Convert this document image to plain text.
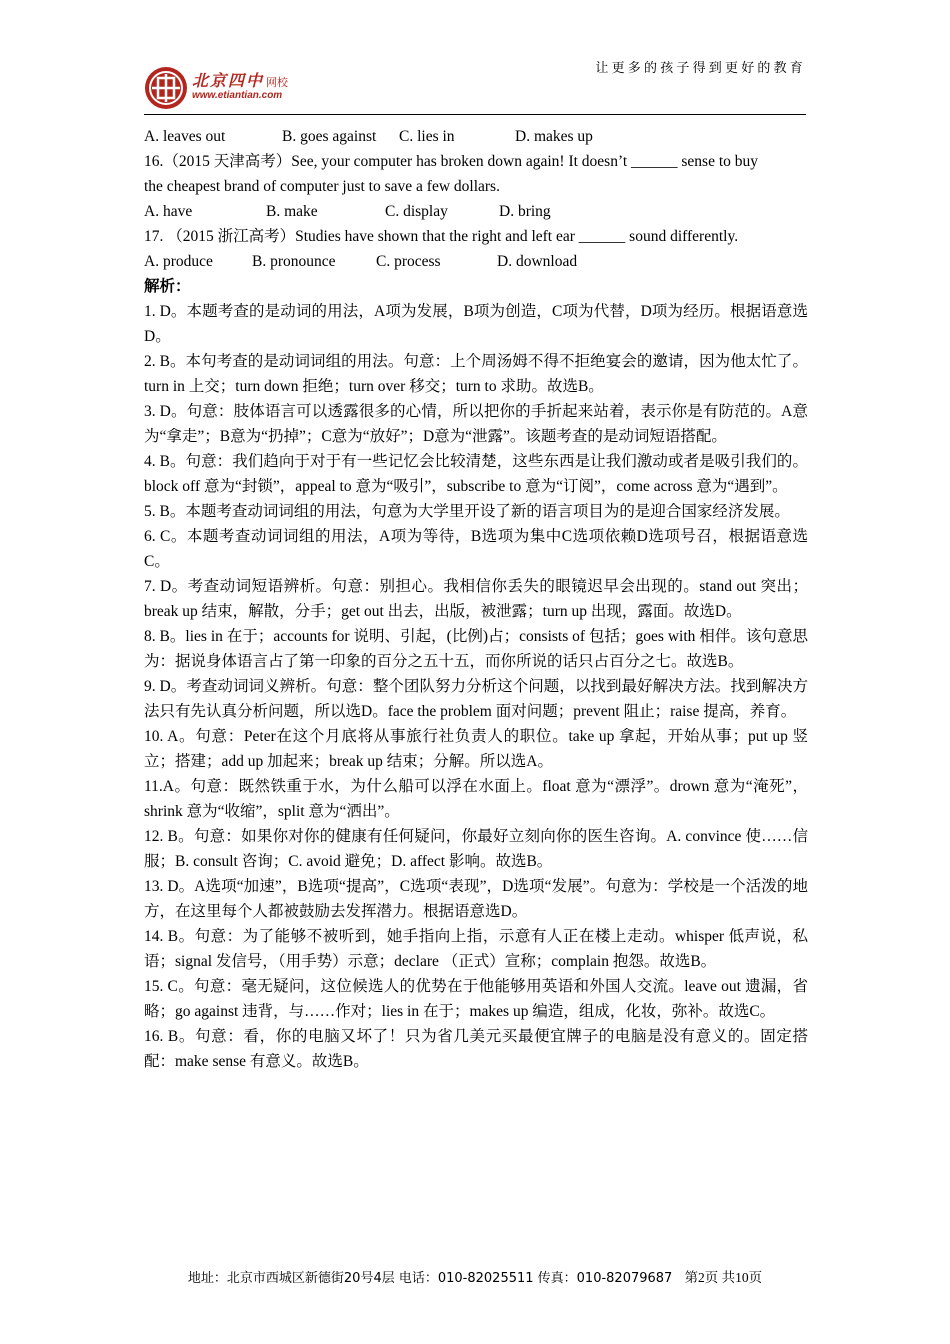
北京四中 网校
www.etiantian.com
让更多的孩子得到更好的教育
A. leaves out	B. goes against C. lies in	D. makes up
16.（2015 天津高考）See, your computer has broken down again! It doesn’t ______ sense to buy
the cheapest brand of computer just to save a few dollars.
A. have	B. make	C. display	D. bring
17. （2015 浙江高考）Studies have shown that the right and left ear ______ sound differently.
A. produce	B. pronounce	C. process	D. download
解析：
1. D。本题考查的是动词的用法，A项为发展，B项为创造，C项为代替，D项为经历。根据语意选D。
2. B。本句考查的是动词词组的用法。句意：上个周汤姆不得不拒绝宴会的邀请，因为他太忙了。turn in 上交；turn down 拒绝；turn over 移交；turn to 求助。故选B。
3. D。句意：肢体语言可以透露很多的心情，所以把你的手折起来站着，表示你是有防范的。A意为“拿走”；B意为“扔掉”；C意为“放好”；D意为“泄露”。该题考查的是动词短语搭配。
4. B。句意：我们趋向于对于有一些记忆会比较清楚，这些东西是让我们激动或者是吸引我们的。block off 意为“封锁”，appeal to 意为“吸引”，subscribe to 意为“订阅”，come across 意为“遇到”。
5. B。本题考查动词词组的用法，句意为大学里开设了新的语言项目为的是迎合国家经济发展。
6. C。本题考查动词词组的用法，A项为等待，B选项为集中C选项依赖D选项号召，根据语意选C。
7. D。考查动词短语辨析。句意：别担心。我相信你丢失的眼镜迟早会出现的。stand out 突出；break up 结束，解散，分手；get out 出去，出版，被泄露；turn up 出现，露面。故选D。
8. B。lies in 在于；accounts for 说明、引起，(比例)占；consists of 包括；goes with 相伴。该句意思为：据说身体语言占了第一印象的百分之五十五，而你所说的话只占百分之七。故选B。
9. D。考查动词词义辨析。句意：整个团队努力分析这个问题，以找到最好解决方法。找到解决方法只有先认真分析问题，所以选D。face the problem 面对问题；prevent 阻止；raise 提高，养育。
10. A。句意：Peter在这个月底将从事旅行社负责人的职位。take up 拿起，开始从事；put up 竖立；搭建；add up 加起来；break up 结束；分解。所以选A。
11.A。句意：既然铁重于水，为什么船可以浮在水面上。float 意为“漂浮”。drown 意为“淹死”，shrink 意为“收缩”，split 意为“洒出”。
12. B。句意：如果你对你的健康有任何疑问，你最好立刻向你的医生咨询。A. convince 使……信服；B. consult 咨询；C. avoid 避免；D. affect 影响。故选B。
13. D。A选项“加速”，B选项“提高”，C选项“表现”，D选项“发展”。句意为：学校是一个活泼的地方，在这里每个人都被鼓励去发挥潜力。根据语意选D。
14. B。句意：为了能够不被听到，她手指向上指，示意有人正在楼上走动。whisper 低声说，私语；signal 发信号，（用手势）示意；declare （正式）宣称；complain 抱怨。故选B。
15. C。句意：毫无疑问，这位候选人的优势在于他能够用英语和外国人交流。leave out 遗漏，省略；go against 违背，与……作对；lies in 在于；makes up 编造，组成，化妆，弥补。故选C。
16. B。句意：看，你的电脑又坏了！只为省几美元买最便宜牌子的电脑是没有意义的。固定搭配：make sense 有意义。故选B。
地址：北京市西城区新德街20号4层 电话：010-82025511 传真：010-82079687 第2页 共10页
